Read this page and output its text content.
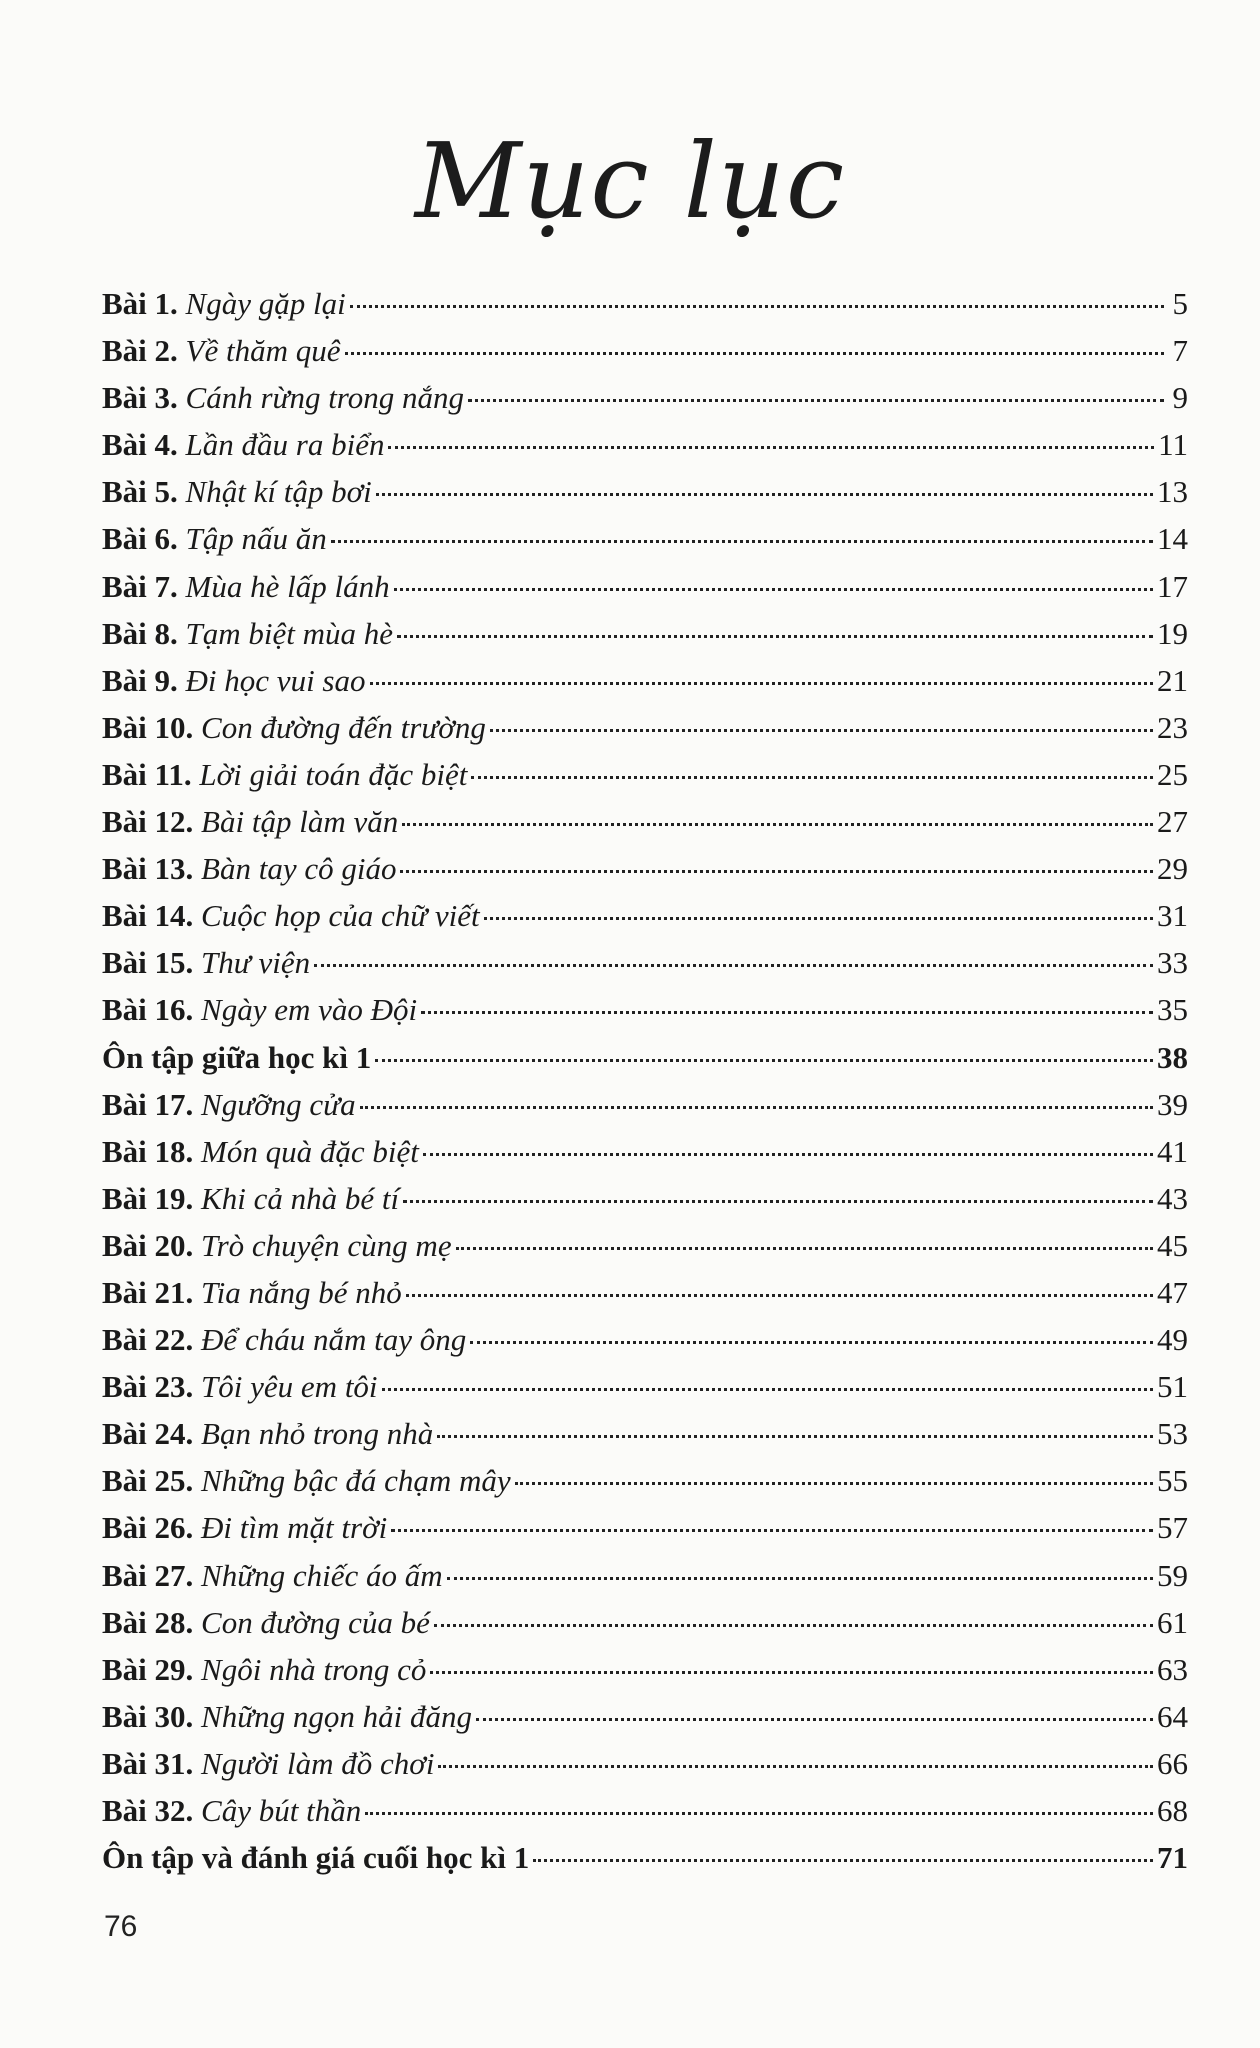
Mục lục
Bài 1. Ngày gặp lại	5
Bài 2. Về thăm quê	7
Bài 3. Cánh rừng trong nắng	9
Bài 4. Lần đầu ra biển	11
Bài 5. Nhật kí tập bơi	13
Bài 6. Tập nấu ăn	14
Bài 7. Mùa hè lấp lánh	17
Bài 8. Tạm biệt mùa hè	19
Bài 9. Đi học vui sao	21
Bài 10. Con đường đến trường	23
Bài 11. Lời giải toán đặc biệt	25
Bài 12. Bài tập làm văn	27
Bài 13. Bàn tay cô giáo	29
Bài 14. Cuộc họp của chữ viết	31
Bài 15. Thư viện	33
Bài 16. Ngày em vào Đội	35
Ôn tập giữa học kì 1	38
Bài 17. Ngưỡng cửa	39
Bài 18. Món quà đặc biệt	41
Bài 19. Khi cả nhà bé tí	43
Bài 20. Trò chuyện cùng mẹ	45
Bài 21. Tia nắng bé nhỏ	47
Bài 22. Để cháu nắm tay ông	49
Bài 23. Tôi yêu em tôi	51
Bài 24. Bạn nhỏ trong nhà	53
Bài 25. Những bậc đá chạm mây	55
Bài 26. Đi tìm mặt trời	57
Bài 27. Những chiếc áo ấm	59
Bài 28. Con đường của bé	61
Bài 29. Ngôi nhà trong cỏ	63
Bài 30. Những ngọn hải đăng	64
Bài 31. Người làm đồ chơi	66
Bài 32. Cây bút thần	68
Ôn tập và đánh giá cuối học kì 1	71
76
